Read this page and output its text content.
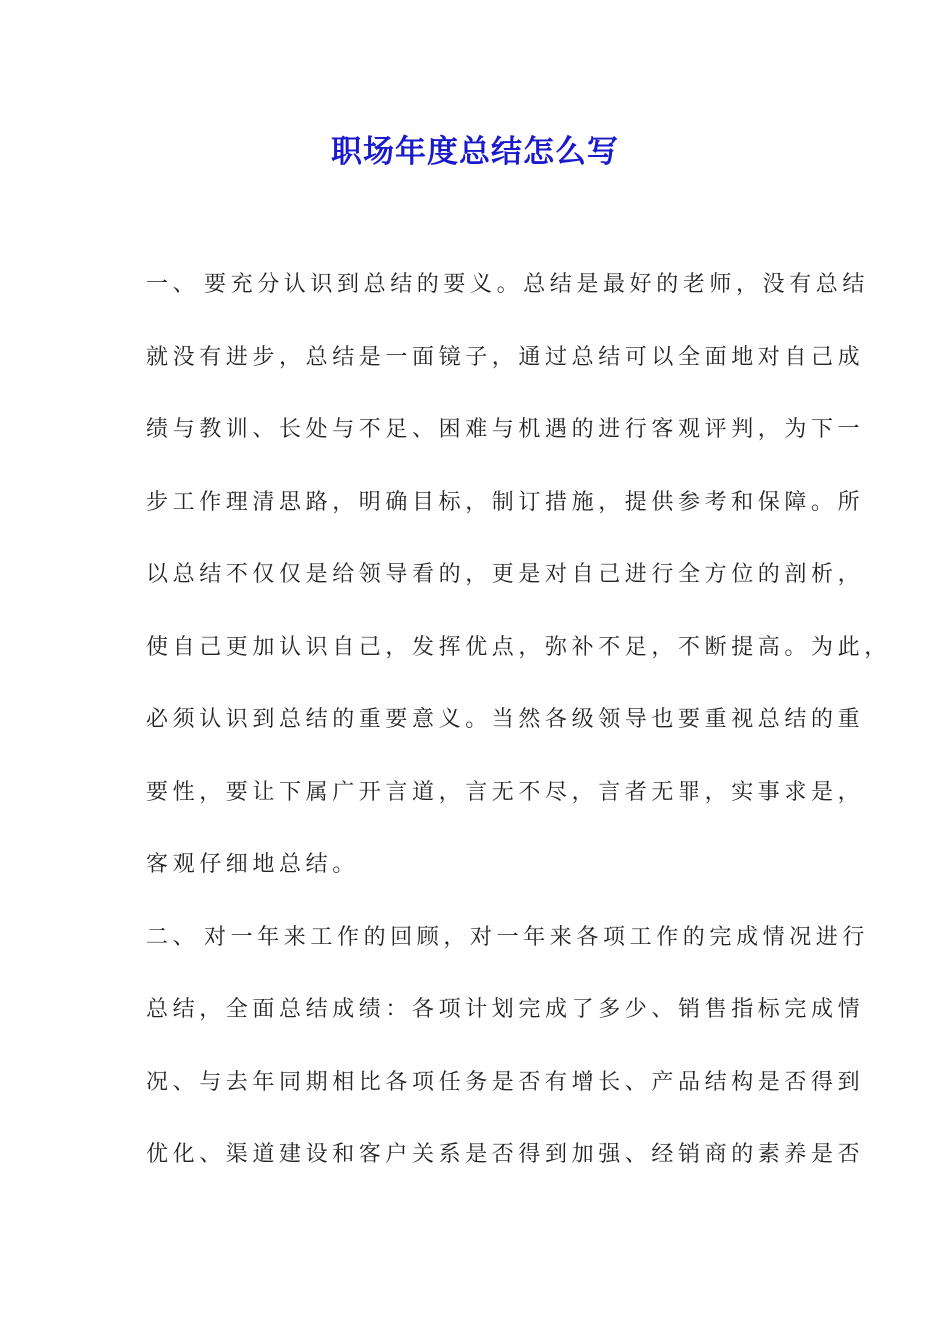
职场年度总结怎么写
一、 要充分认识到总结的要义。总结是最好的老师，没有总结
就没有进步，总结是一面镜子，通过总结可以全面地对自己成
绩与教训、长处与不足、困难与机遇的进行客观评判，为下一
步工作理清思路，明确目标，制订措施，提供参考和保障。所
以总结不仅仅是给领导看的，更是对自己进行全方位的剖析，
使自己更加认识自己，发挥优点，弥补不足，不断提高。为此，
必须认识到总结的重要意义。当然各级领导也要重视总结的重
要性，要让下属广开言道，言无不尽，言者无罪，实事求是，
客观仔细地总结。
二、 对一年来工作的回顾，对一年来各项工作的完成情况进行
总结，全面总结成绩：各项计划完成了多少、销售指标完成情
况、与去年同期相比各项任务是否有增长、产品结构是否得到
优化、渠道建设和客户关系是否得到加强、经销商的素养是否
